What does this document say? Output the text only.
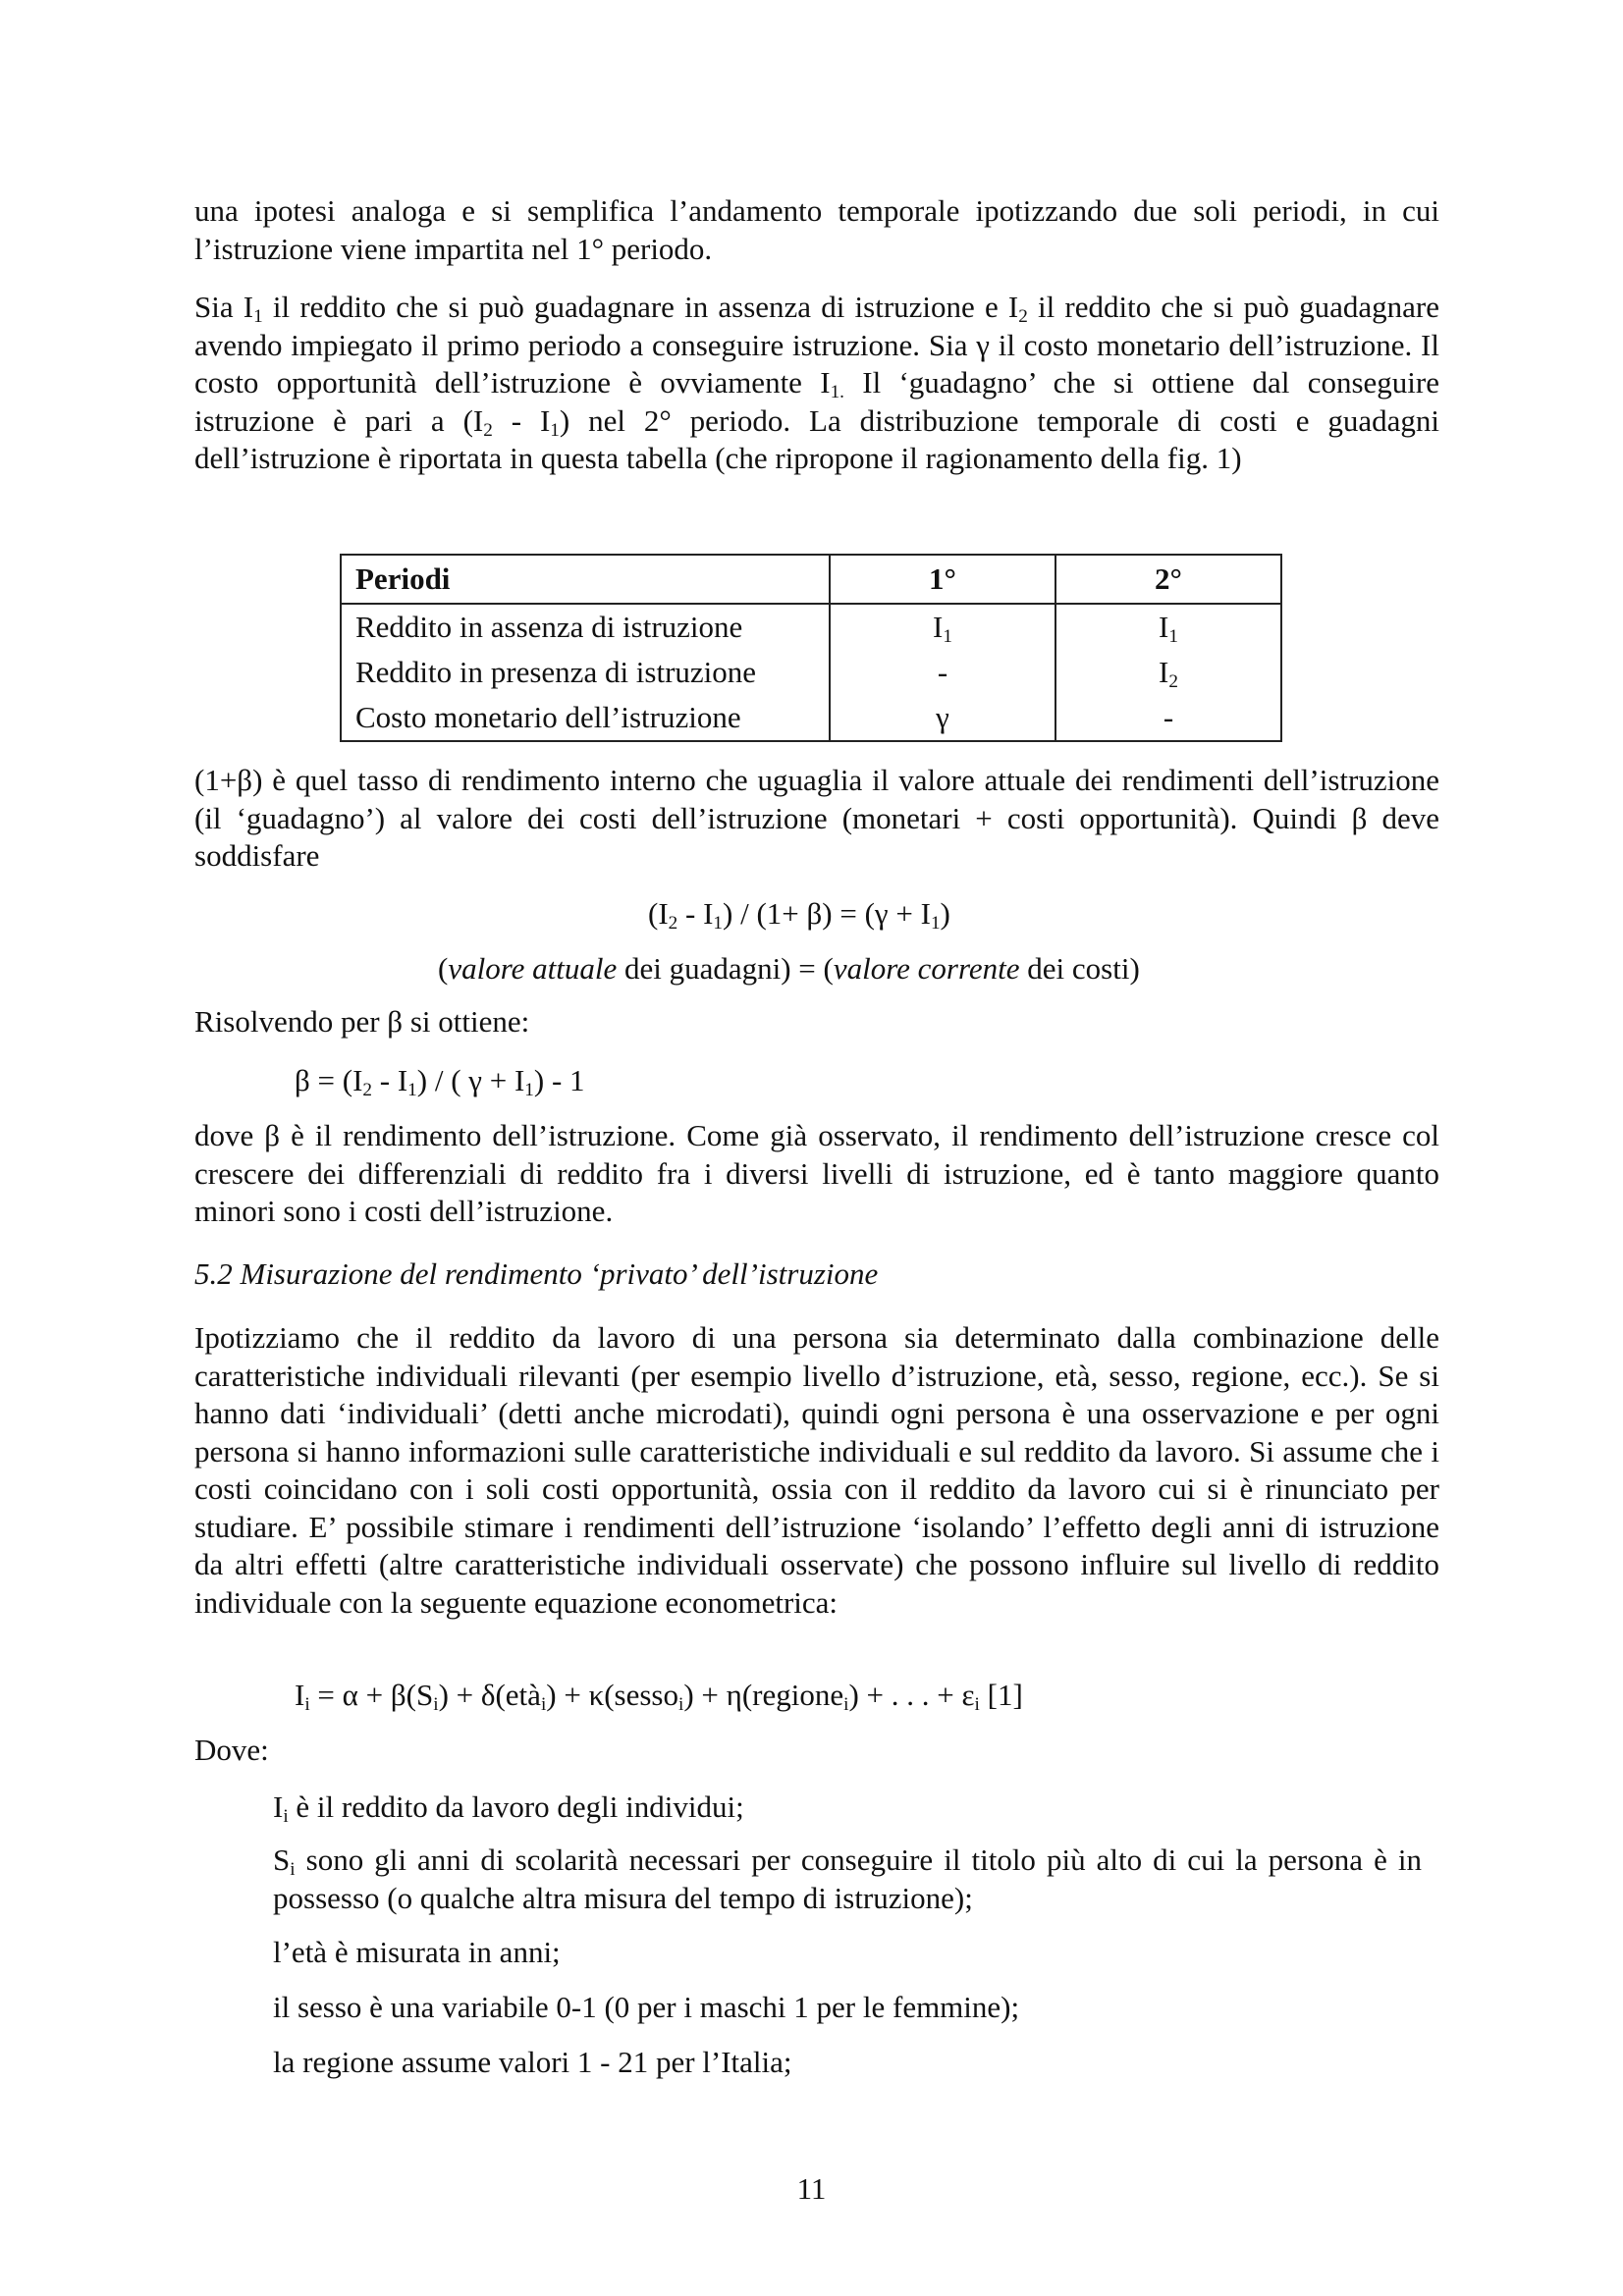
una ipotesi analoga e si semplifica l’andamento temporale ipotizzando due soli periodi, in cui l’istruzione viene impartita nel 1° periodo.

Sia $I_1$ il reddito che si può guadagnare in assenza di istruzione e $I_2$ il reddito che si può guadagnare avendo impiegato il primo periodo a conseguire istruzione. Sia γ il costo monetario dell’istruzione. Il costo opportunità dell’istruzione è ovviamente $I_{1.}$ Il ‘guadagno’ che si ottiene dal conseguire istruzione è pari a $(I_2 - I_1)$ nel 2° periodo. La distribuzione temporale di costi e guadagni dell’istruzione è riportata in questa tabella (che ripropone il ragionamento della fig. 1)

Periodi	1°	2°
Reddito in assenza di istruzione	$I_1$	$I_1$
Reddito in presenza di istruzione	-	$I_2$
Costo monetario dell’istruzione	γ	-

(1+β) è quel tasso di rendimento interno che uguaglia il valore attuale dei rendimenti dell’istruzione (il ‘guadagno’) al valore dei costi dell’istruzione (monetari + costi opportunità). Quindi β deve soddisfare

$(I_2 - I_1) / (1+ \beta) = (\gamma + I_1)$

(valore attuale dei guadagni) = (valore corrente dei costi)

Risolvendo per β si ottiene:

$\beta = (I_2 - I_1)$ / ( $\gamma + I_1) - 1$

dove β è il rendimento dell’istruzione. Come già osservato, il rendimento dell’istruzione cresce col crescere dei differenziali di reddito fra i diversi livelli di istruzione, ed è tanto maggiore quanto minori sono i costi dell’istruzione.

5.2 Misurazione del rendimento ‘privato’ dell’istruzione

Ipotizziamo che il reddito da lavoro di una persona sia determinato dalla combinazione delle caratteristiche individuali rilevanti (per esempio livello d’istruzione, età, sesso, regione, ecc.). Se si hanno dati ‘individuali’ (detti anche microdati), quindi ogni persona è una osservazione e per ogni persona si hanno informazioni sulle caratteristiche individuali e sul reddito da lavoro. Si assume che i costi coincidano con i soli costi opportunità, ossia con il reddito da lavoro cui si è rinunciato per studiare. E’ possibile stimare i rendimenti dell’istruzione ‘isolando’ l’effetto degli anni di istruzione da altri effetti (altre caratteristiche individuali osservate) che possono influire sul livello di reddito individuale con la seguente equazione econometrica:

$I_i = \alpha + \beta(S_i)$ + δ(età$_i$) + κ(sesso$_i$) + η(regione$_i$) + . . . + $\varepsilon_i$ [1]

Dove:

$I_i$ è il reddito da lavoro degli individui;

$S_i$ sono gli anni di scolarità necessari per conseguire il titolo più alto di cui la persona è in possesso (o qualche altra misura del tempo di istruzione);

l’età è misurata in anni;

il sesso è una variabile 0-1 (0 per i maschi 1 per le femmine);

la regione assume valori 1 - 21 per l’Italia;

11
